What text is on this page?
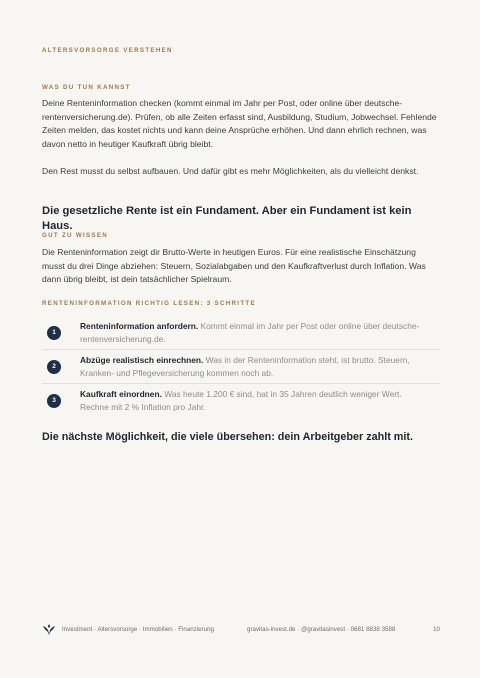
ALTERSVORSORGE VERSTEHEN
WAS DU TUN KANNST

Deine Renteninformation checken (kommt einmal im Jahr per Post, oder online über deutsche-rentenversicherung.de). Prüfen, ob alle Zeiten erfasst sind, Ausbildung, Studium, Jobwechsel. Fehlende Zeiten melden, das kostet nichts und kann deine Ansprüche erhöhen. Und dann ehrlich rechnen, was davon netto in heutiger Kaufkraft übrig bleibt.

Den Rest musst du selbst aufbauen. Und dafür gibt es mehr Möglichkeiten, als du vielleicht denkst.

Die gesetzliche Rente ist ein Fundament. Aber ein Fundament ist kein Haus.
GUT ZU WISSEN

Die Renteninformation zeigt dir Brutto-Werte in heutigen Euros. Für eine realistische Einschätzung musst du drei Dinge abziehen: Steuern, Sozialabgaben und den Kaufkraftverlust durch Inflation. Was dann übrig bleibt, ist dein tatsächlicher Spielraum.

RENTENINFORMATION RICHTIG LESEN: 3 SCHRITTE
1
Renteninformation anfordern. Kommt einmal im Jahr per Post oder online über deutsche-rentenversicherung.de.
2
Abzüge realistisch einrechnen. Was in der Renteninformation steht, ist brutto. Steuern, Kranken- und Pflegeversicherung kommen noch ab.
3
Kaufkraft einordnen. Was heute 1.200 € sind, hat in 35 Jahren deutlich weniger Wert. Rechne mit 2 % Inflation pro Jahr.
Die nächste Möglichkeit, die viele übersehen: dein Arbeitgeber zahlt mit.
Investment · Altersvorsorge · Immobilien · Finanzierung	gravitas-invest.de · @gravitasinvest · 0681 8838 3588	10
